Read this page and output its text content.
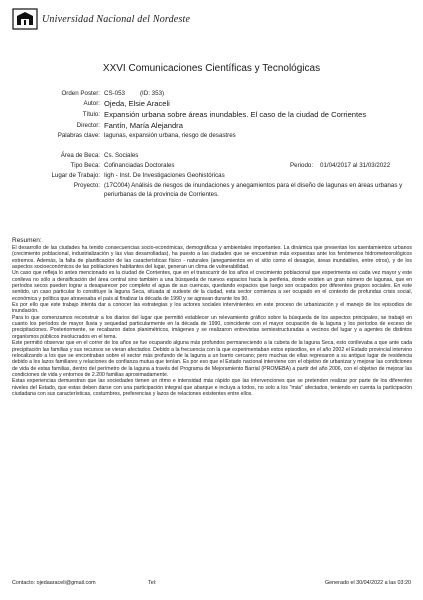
Universidad Nacional del Nordeste
XXVI Comunicaciones Científicas y Tecnológicas
Orden Poster: CS-053 (ID: 353)
Autor: Ojeda, Elsie Araceli
Título: Expansión urbana sobre áreas inundables. El caso de la ciudad de Corrientes
Director: Fantín, María Alejandra
Palabras clave: lagunas, expansión urbana, riesgo de desastres
Área de Beca: Cs. Sociales
Tipo Beca: Cofinanciadas Doctorales	Periodo: 01/04/2017 al 31/03/2022
Lugar de Trabajo: Iigh - Inst. De Investigaciones Geohistóricas
Proyecto: (17C004) Análisis de riesgos de inundaciones y anegamientos para el diseño de lagunas en áreas urbanas y
periurbanas de la provincia de Corrientes.
Resumen:

El desarrollo de las ciudades ha tenido consecuencias socio-económicas, demográficas y ambientales importantes. La dinámica que presentan los asentamientos urbanos (crecimiento poblacional, industrialización y las vías desarrolladas), ha puesto a las ciudades que se encuentran más expuestas ante los fenómenos hidrometeorológicos extremos. Además, la falta de planificación de las características físico - naturales (anegamientos en el sitio como el desagüe, áreas inundables, entre otros), y de los aspectos socioeconómicos de las poblaciones habitantes del lugar, generan un clima de vulnerabilidad.

Un caso que refleja lo antes mencionado es la ciudad de Corrientes, que en el transcurrir de los años el crecimiento poblacional que experimenta es cada vez mayor y este conlleva no sólo a densificación del área central sino también a una búsqueda de nuevos espacios hacia la periferia, donde existen un gran número de lagunas, que en períodos secos pueden lograr a desaparecer por completo el agua de sus cuencas, quedando espacios que luego son ocupados por diferentes grupos sociales. En este sentido, un caso particular lo constituye la laguna Seca, situada al sudeste de la ciudad, esta sector comienza a ser ocupado en el contexto de profundas crisis social, económica y política que atravesaba el país al finalizar la década de 1990 y se agravan durante los 90.

Es por ello que este trabajo intenta dar a conocer las estrategias y los actores sociales intervinientes en este proceso de urbanización y el manejo de los episodios de inundación.

Para lo que comenzamos reconstruir a los diarios del lugar que permitió establecer un relevamiento gráfico sobre la búsqueda de los aspectos principales, se trabajó en cuanto los períodos de mayor lluvia y sequedad particularmente en la década de 1990, coincidente con el mayor ocupación de la laguna y los períodos de exceso de precipitaciones. Posteriormente, se recabaron datos planimétricos, imágenes y se realizaron entrevistas semiestructuradas a vecinos del lugar y a agentes de distintos organismos públicos involucrados en el tema.

Este permitió observar que en el correr de los años se fue ocupando alguna más profundos permaneciendo a la cubeta de la laguna Seca, esto conllevaba a que ante cada precipitación las familias y sus recursos se vieran afectados. Debido a la frecuencia con la que experimentaban estos episodios, en el año 2002 el Estado provincial intervino relocalizando a los que se encontraban sobre el sector más profundo de la laguna a un barrio cercano; pero muchas de ellas regresaron a su antiguo lugar de residencia debido a los lazos familiares y relaciones de confianza mutua que tenían. Es por eso que el Estado nacional interviene con el objetivo de urbanizar y mejorar las condiciones de vida de estas familias, dentro del perímetro de la laguna a través del Programa de Mejoramiento Barrial (PROMEBA) a partir del año 2006, con el objetivo de mejorar las condiciones de vida y entornos de 2.200 familias aproximadamente.

Estas experiencias demuestran que las sociedades tienen un ritmo e intensidad más rápido que las intervenciones que se pretenden realizar por parte de los diferentes niveles del Estado, que estas deben darse con una participación integral que abarque e incluya a todos, no solo a los "más" afectados, teniendo en cuenta la participación ciudadana con sus características, costumbres, preferencias y lazos de relaciones existentes entre ellos.

Contacto: ojedaaraceli@gmail.com	Tel:	Generado el 30/04/2022 a las 03:20
